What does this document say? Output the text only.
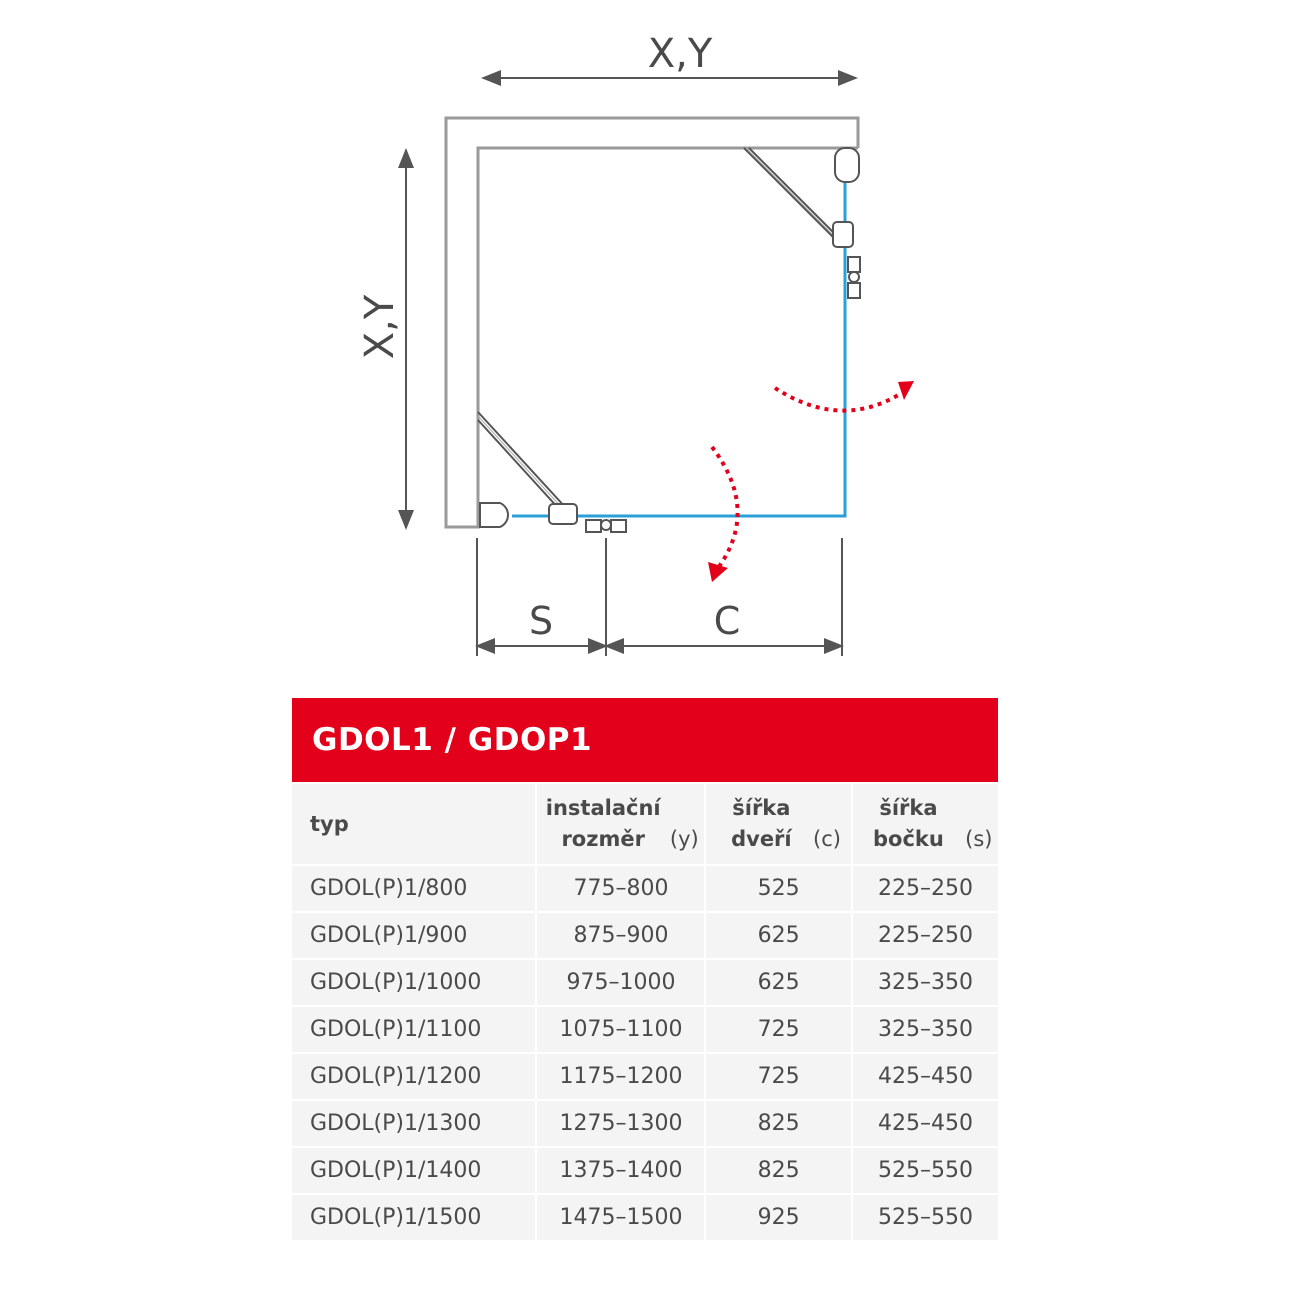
X,Y
X,Y
S	C
GDOL1 / GDOP1
typ	instalační rozměr (y)	šířka dveří (c)	šířka bočku (s)
GDOL(P)1/800	775–800	525	225–250
GDOL(P)1/900	875–900	625	225–250
GDOL(P)1/1000	975–1000	625	325–350
GDOL(P)1/1100	1075–1100	725	325–350
GDOL(P)1/1200	1175–1200	725	425–450
GDOL(P)1/1300	1275–1300	825	425–450
GDOL(P)1/1400	1375–1400	825	525–550
GDOL(P)1/1500	1475–1500	925	525–550
